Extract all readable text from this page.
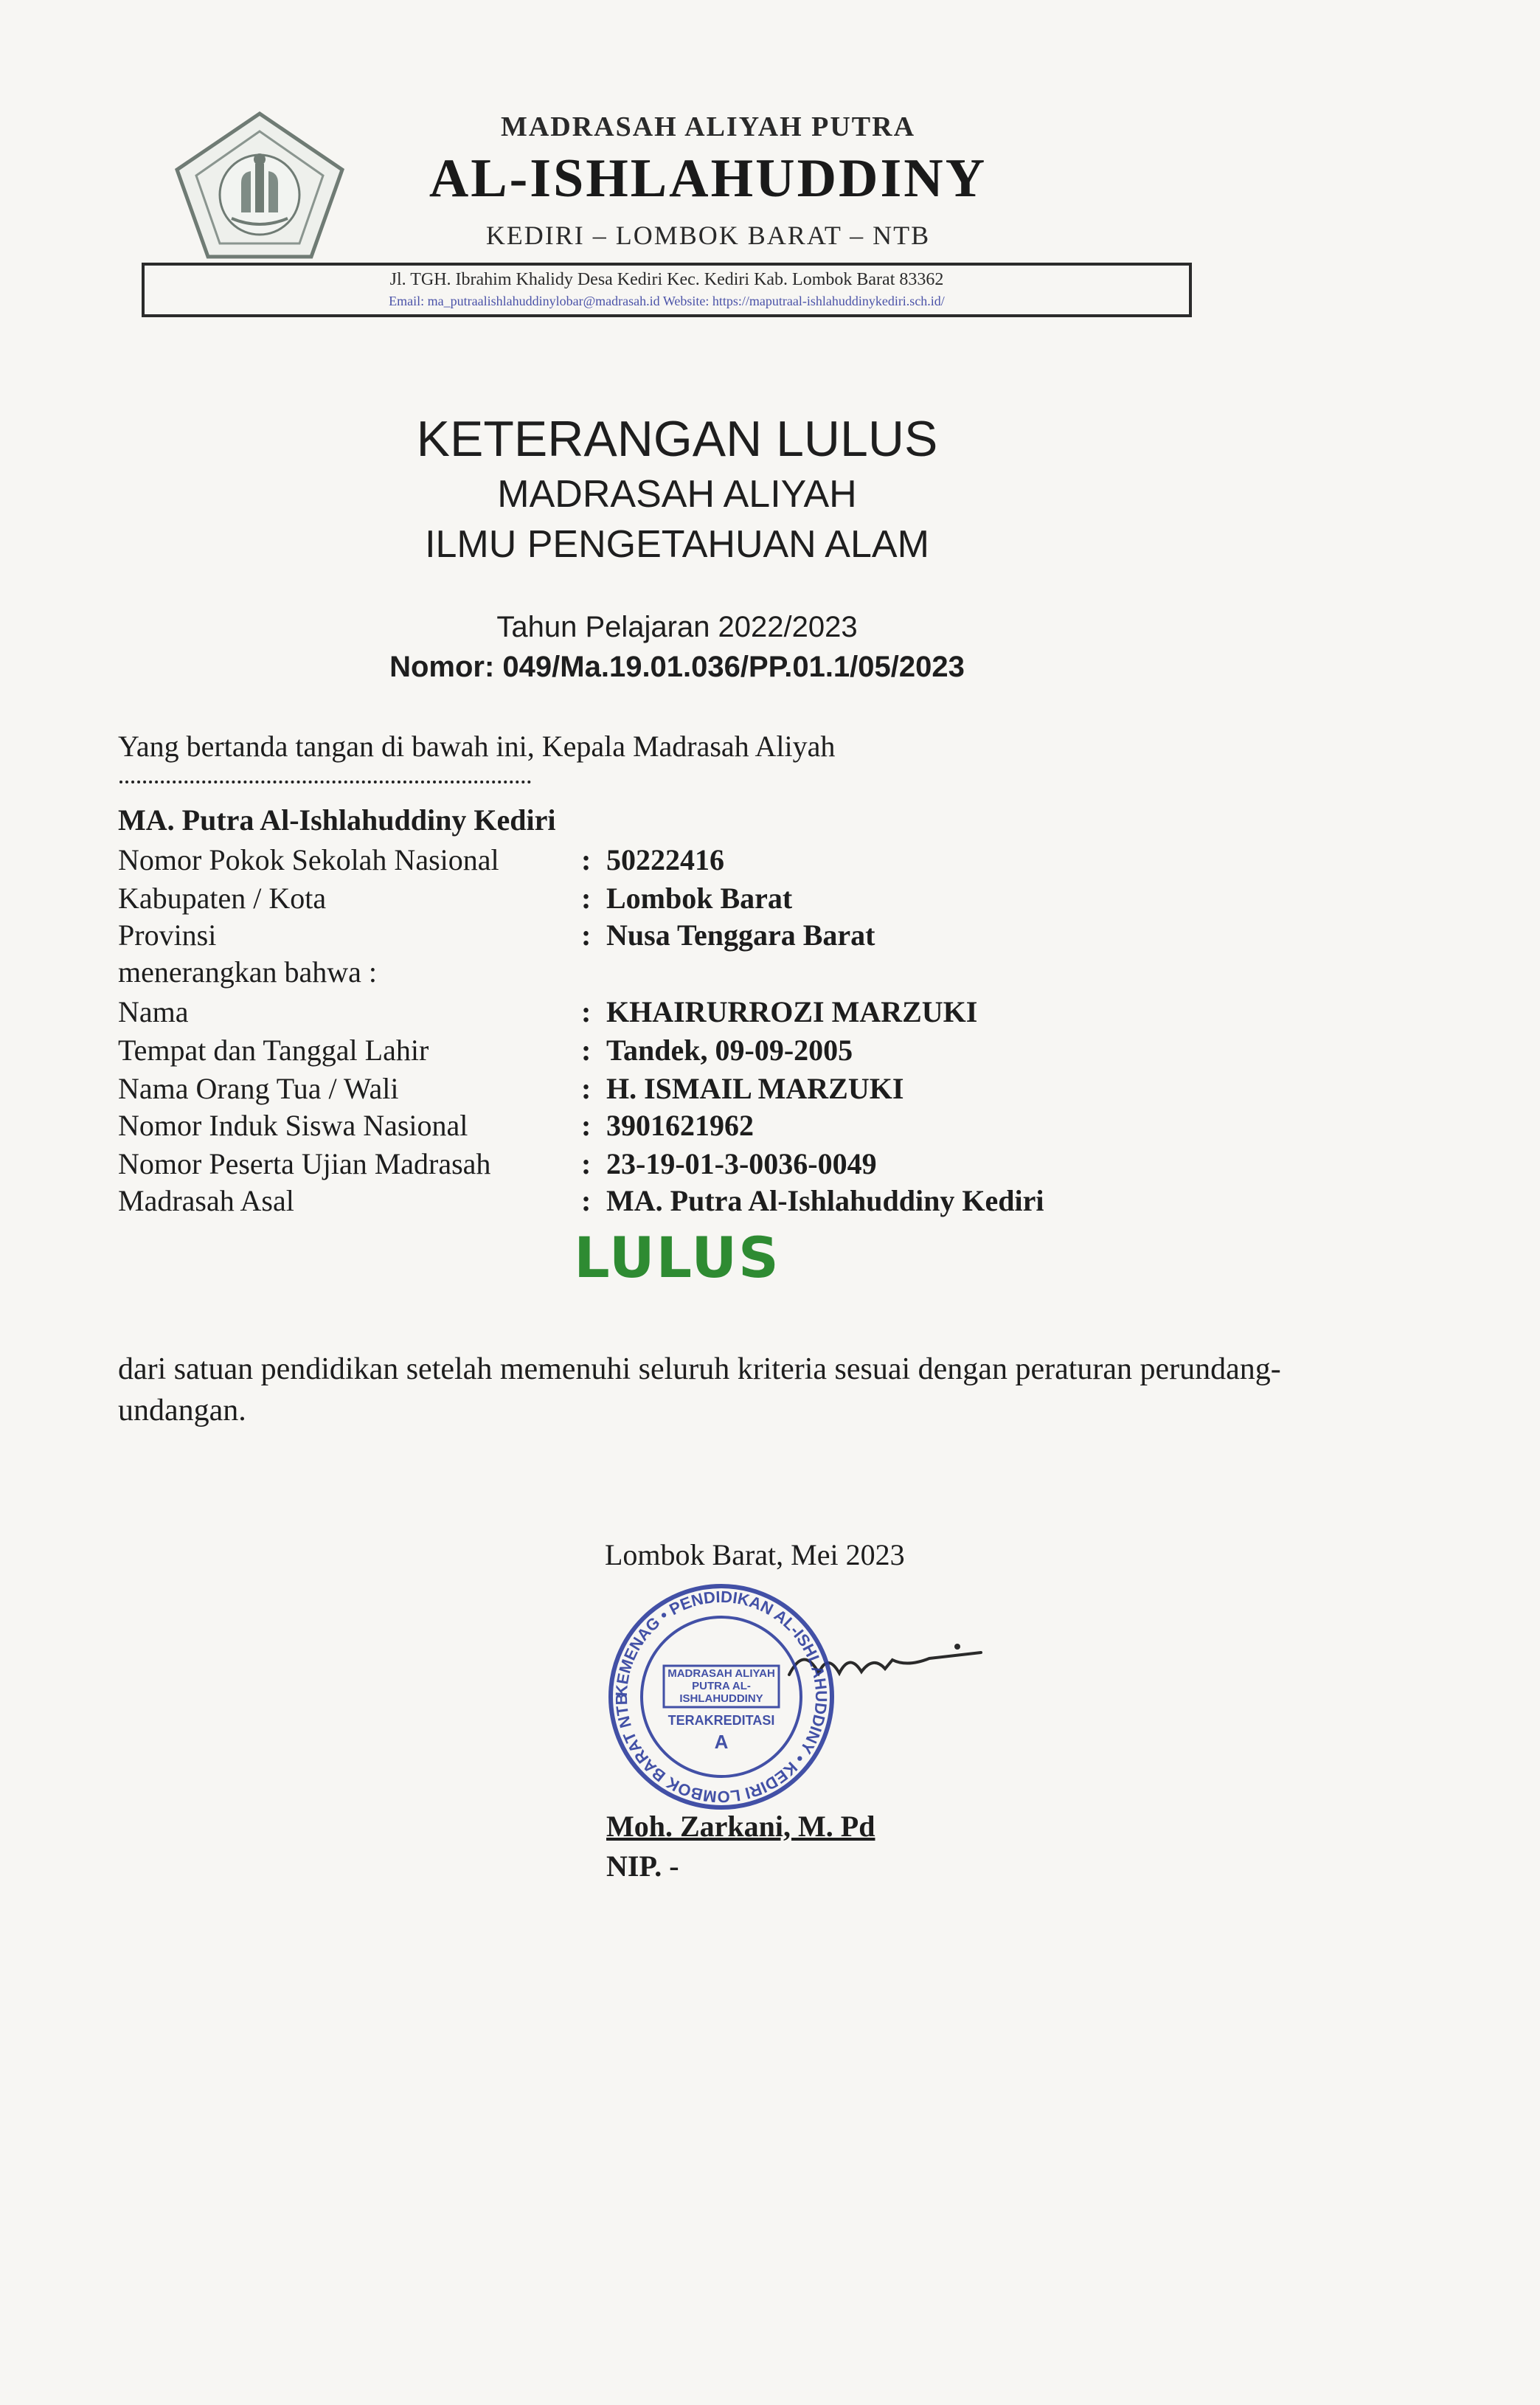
MADRASAH ALIYAH PUTRA
AL-ISHLAHUDDINY
KEDIRI – LOMBOK BARAT – NTB
Jl. TGH. Ibrahim Khalidy Desa Kediri Kec. Kediri Kab. Lombok Barat 83362
Email: ma_putraalishlahuddinylobar@madrasah.id Website: https://maputraal-ishlahuddinykediri.sch.id/
KETERANGAN LULUS
MADRASAH ALIYAH
ILMU PENGETAHUAN ALAM
Tahun Pelajaran 2022/2023
Nomor: 049/Ma.19.01.036/PP.01.1/05/2023
Yang bertanda tangan di bawah ini, Kepala Madrasah Aliyah
MA. Putra Al-Ishlahuddiny Kediri
Nomor Pokok Sekolah Nasional	: 50222416
Kabupaten / Kota	: Lombok Barat
Provinsi	: Nusa Tenggara Barat
menerangkan bahwa :
Nama	: KHAIRURROZI MARZUKI
Tempat dan Tanggal Lahir	: Tandek, 09-09-2005
Nama Orang Tua / Wali	: H. ISMAIL MARZUKI
Nomor Induk Siswa Nasional	: 3901621962
Nomor Peserta Ujian Madrasah	: 23-19-01-3-0036-0049
Madrasah Asal	: MA. Putra Al-Ishlahuddiny Kediri
LULUS
dari satuan pendidikan setelah memenuhi seluruh kriteria sesuai dengan peraturan perundang-undangan.
Lombok Barat, Mei 2023
KEMENAG • PENDIDIKAN AL-ISHLAHUDDINY • KEDIRI LOMBOK BARAT NTB
MADRASAH ALIYAH PUTRA AL-ISHLAHUDDINY
TERAKREDITASI
A
Moh. Zarkani, M. Pd
NIP. -
